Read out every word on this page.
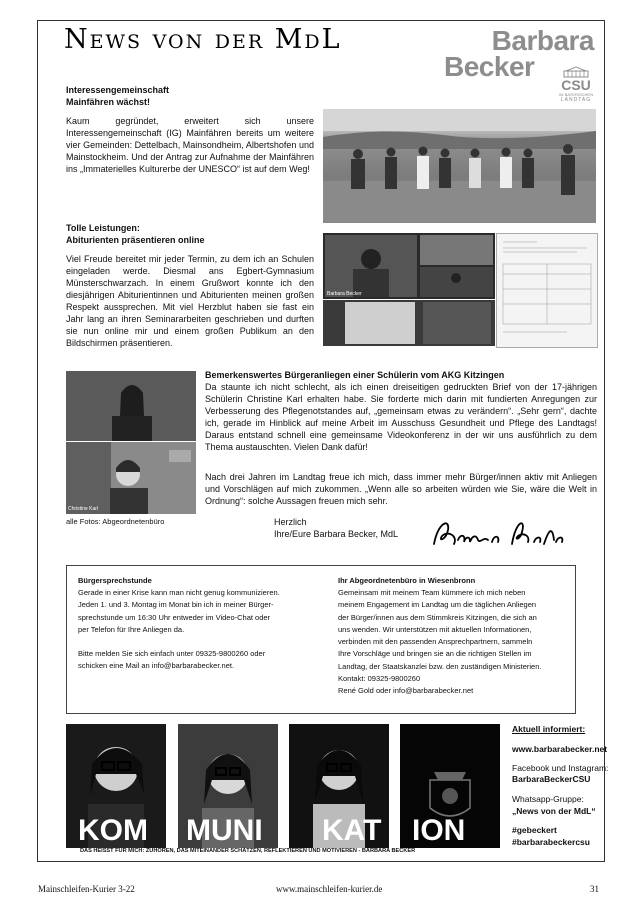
News von der MdL	Barbara
Becker
CSU
IM BAYERISCHEN
LANDTAG
Interessengemeinschaft
Mainfähren wächst!
Kaum gegründet, erweitert sich unsere Interessengemeinschaft (IG) Mainfähren bereits um weitere vier Gemeinden: Dettelbach, Mainsondheim, Albertshofen und Mainstockheim. Und der Antrag zur Aufnahme der Mainfähren ins „Immaterielles Kulturerbe der UNESCO“ ist auf dem Weg!
Tolle Leistungen:
Abiturienten präsentieren online
Viel Freude bereitet mir jeder Termin, zu dem ich an Schulen eingeladen werde. Diesmal ans Egbert-Gymnasium Münsterschwarzach. In einem Grußwort konnte ich den diesjährigen Abiturientinnen und Abiturienten meinen großen Respekt aussprechen. Mit viel Herzblut haben sie fast ein Jahr lang an ihren Seminararbeiten geschrieben und durften sie nun online mir und einem großen Publikum an den Bildschirmen präsentieren.
Barbara Becker
Christine Karl
alle Fotos: Abgeordnetenbüro
Bemerkenswertes Bürgeranliegen einer Schülerin vom AKG Kitzingen
Da staunte ich nicht schlecht, als ich einen dreiseitigen gedruckten Brief von der 17-jährigen Schülerin Christine Karl erhalten habe. Sie forderte mich darin mit fundierten Anregungen zur Verbesserung des Pflegenotstandes auf, „gemeinsam etwas zu verändern“. „Sehr gern“, dachte ich, gerade im Hinblick auf meine Arbeit im Ausschuss Gesundheit und Pflege des Landtags! Daraus entstand schnell eine gemeinsame Videokonferenz in der wir uns ausführlich zu dem Thema austauschten. Vielen Dank dafür!
Nach drei Jahren im Landtag freue ich mich, dass immer mehr Bürger/innen aktiv mit Anliegen und Vorschlägen auf mich zukommen. „Wenn alle so arbeiten würden wie Sie, wäre die Welt in Ordnung“: solche Aussagen freuen mich sehr.
Herzlich
Ihre/Eure Barbara Becker, MdL
Bürgersprechstunde
Gerade in einer Krise kann man nicht genug kommunizieren.
Jeden 1. und 3. Montag im Monat bin ich in meiner Bürger-
sprechstunde um 16:30 Uhr entweder im Video-Chat oder
per Telefon für Ihre Anliegen da.
Bitte melden Sie sich einfach unter 09325-9800260 oder
schicken eine Mail an info@barbarabecker.net.
Ihr Abgeordnetenbüro in Wiesenbronn
Gemeinsam mit meinem Team kümmere ich mich neben
meinem Engagement im Landtag um die täglichen Anliegen
der Bürger/innen aus dem Stimmkreis Kitzingen, die sich an
uns wenden. Wir unterstützen mit aktuellen Informationen,
verbinden mit den passenden Ansprechpartnern, sammeln
Ihre Vorschläge und bringen sie an die richtigen Stellen im
Landtag, der Staatskanzlei bzw. den zuständigen Ministerien.
Kontakt: 09325-9800260
René Gold oder info@barbarabecker.net
KOM MUNI KAT ION
DAS HEISST FÜR MICH: ZUHÖREN, DAS MITEINANDER SCHÄTZEN, REFLEKTIEREN UND MOTIVIEREN - BARBARA BECKER
Aktuell informiert:
www.barbarabecker.net
Facebook und Instagram:
BarbaraBeckerCSU
Whatsapp-Gruppe:
„News von der MdL“
#gebeckert
#barbarabeckercsu
Mainschleifen-Kurier 3-22	www.mainschleifen-kurier.de	31
